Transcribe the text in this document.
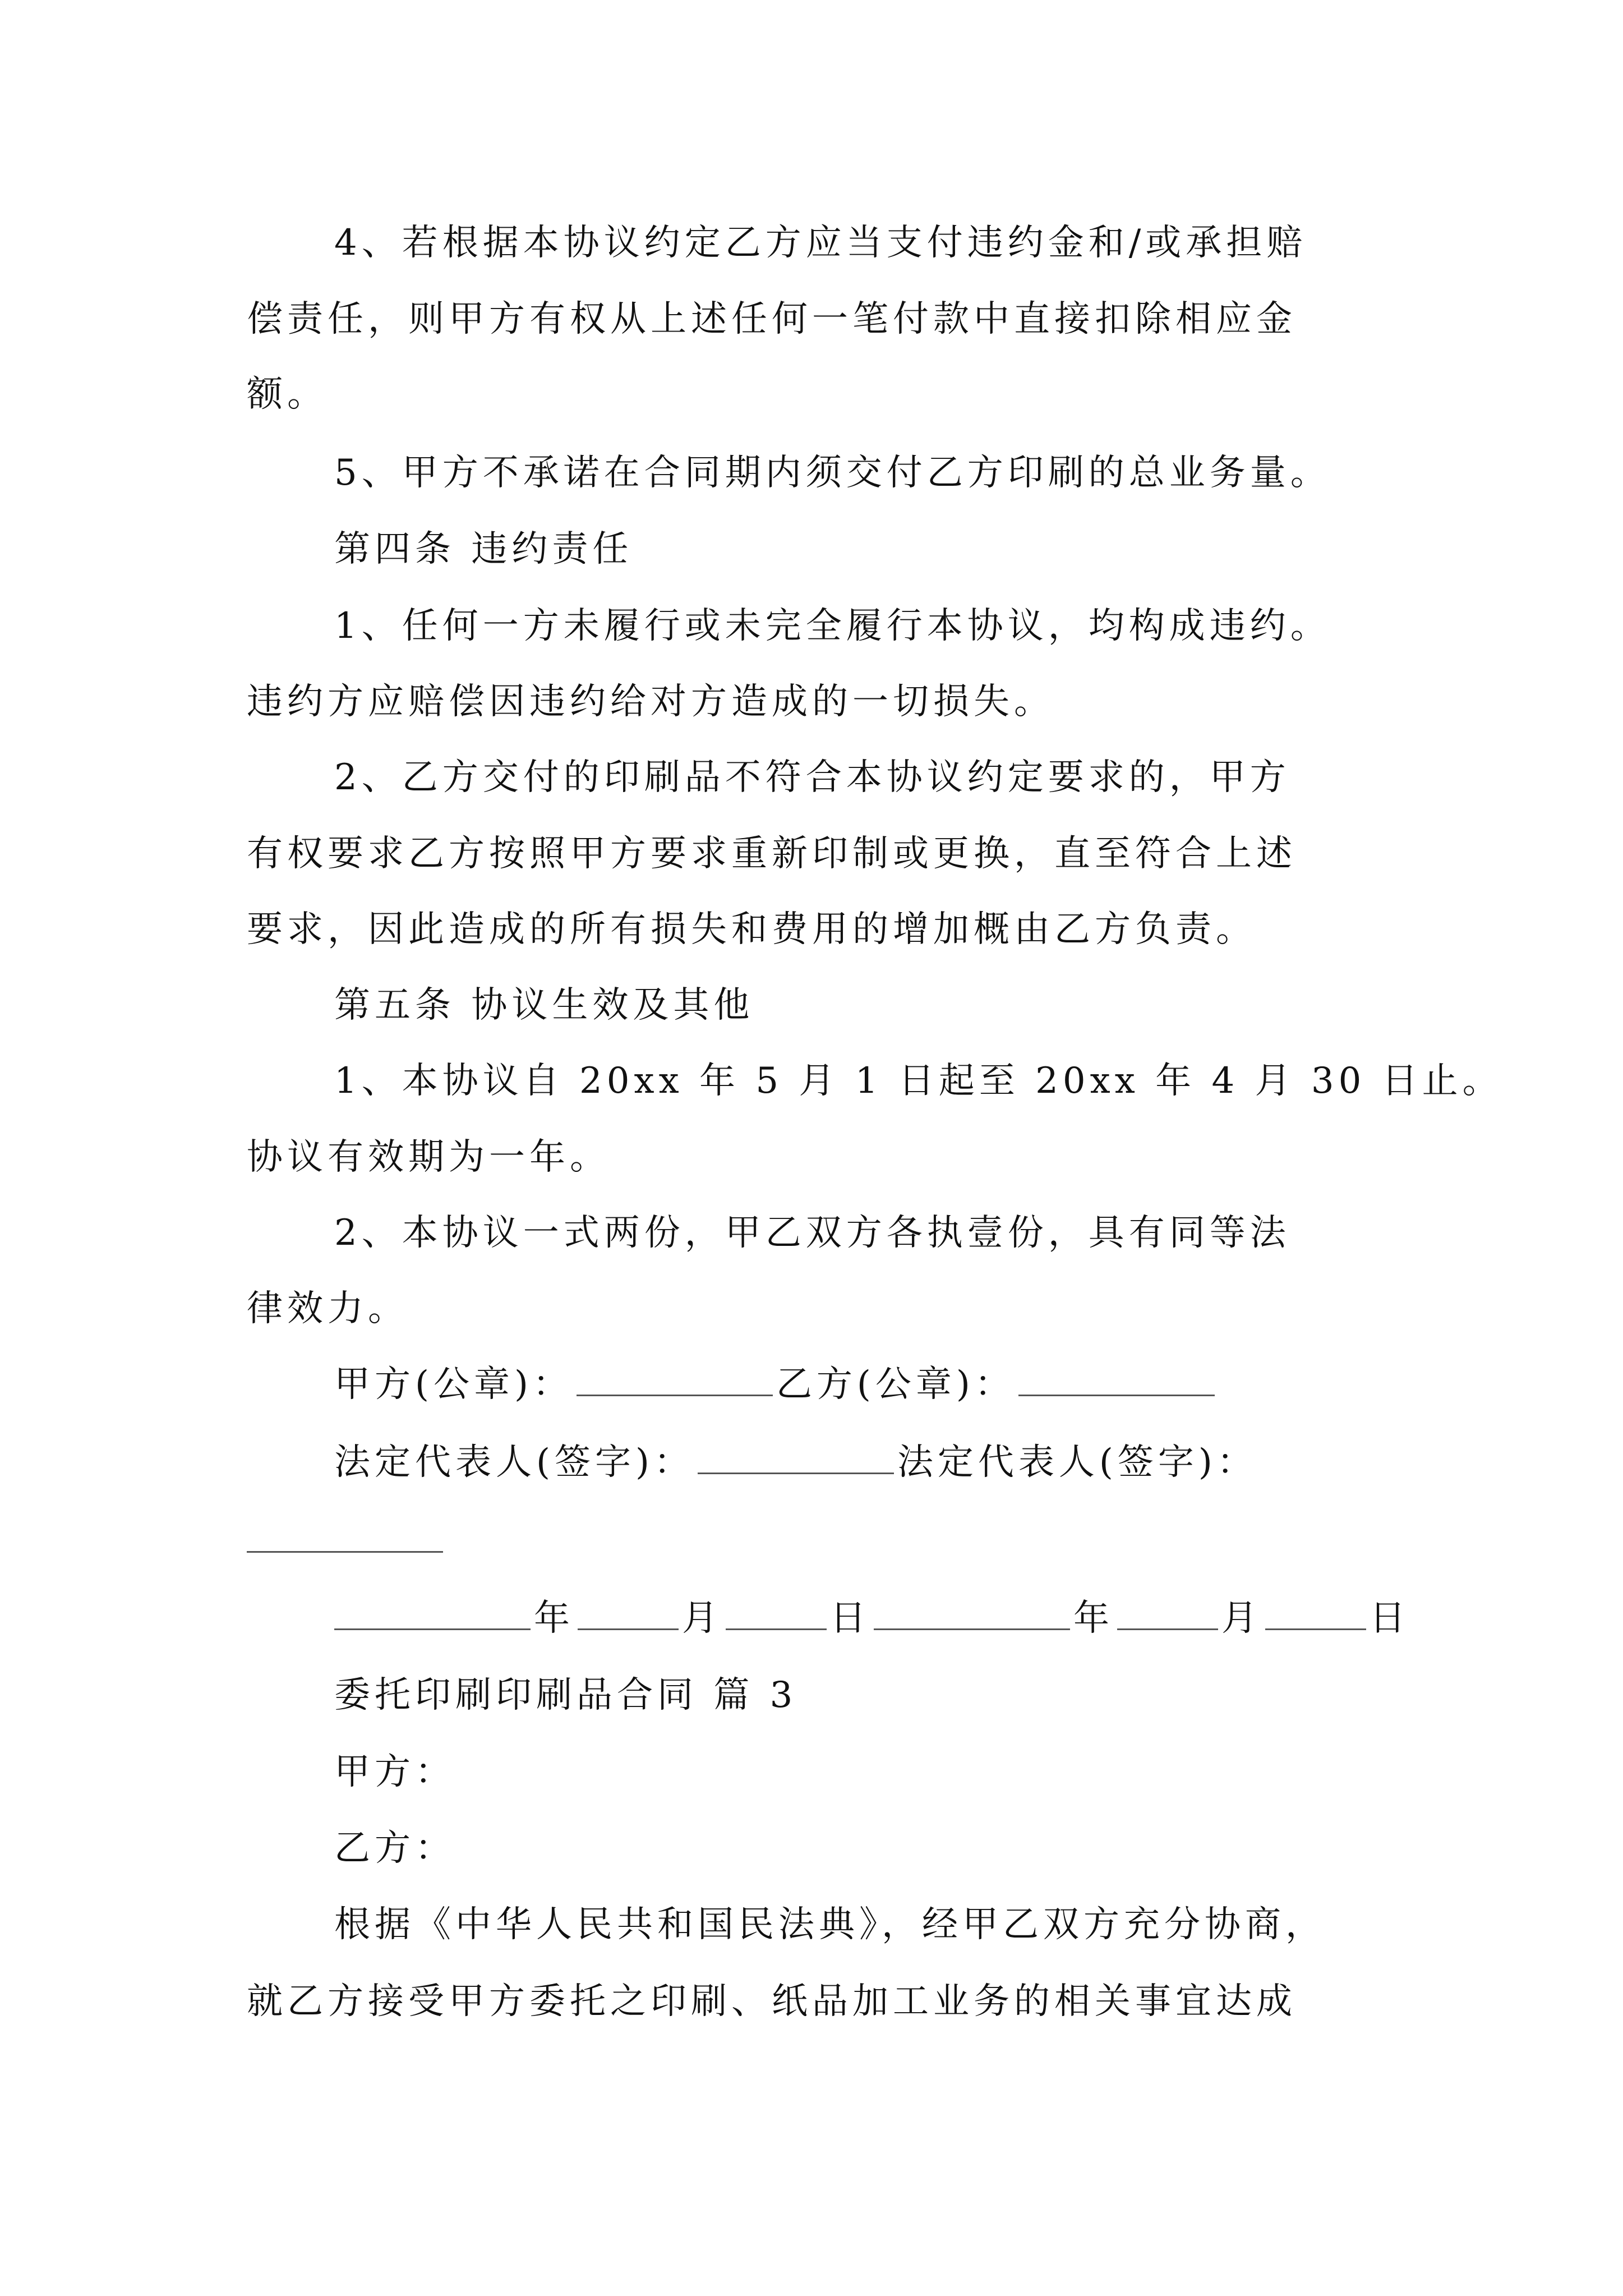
4、若根据本协议约定乙方应当支付违约金和/或承担赔
偿责任，则甲方有权从上述任何一笔付款中直接扣除相应金
额。
5、甲方不承诺在合同期内须交付乙方印刷的总业务量。
第四条 违约责任
1、任何一方未履行或未完全履行本协议，均构成违约。
违约方应赔偿因违约给对方造成的一切损失。
2、乙方交付的印刷品不符合本协议约定要求的，甲方
有权要求乙方按照甲方要求重新印制或更换，直至符合上述
要求，因此造成的所有损失和费用的增加概由乙方负责。
第五条 协议生效及其他
1、本协议自 20xx 年 5 月 1 日起至 20xx 年 4 月 30 日止。
协议有效期为一年。
2、本协议一式两份，甲乙双方各执壹份，具有同等法
律效力。
甲方(公章)：	乙方(公章)：
法定代表人(签字)：	法定代表人(签字)：
年	月	日	年	月	日
委托印刷印刷品合同 篇 3
甲方：
乙方：
根据《中华人民共和国民法典》，经甲乙双方充分协商，
就乙方接受甲方委托之印刷、纸品加工业务的相关事宜达成
